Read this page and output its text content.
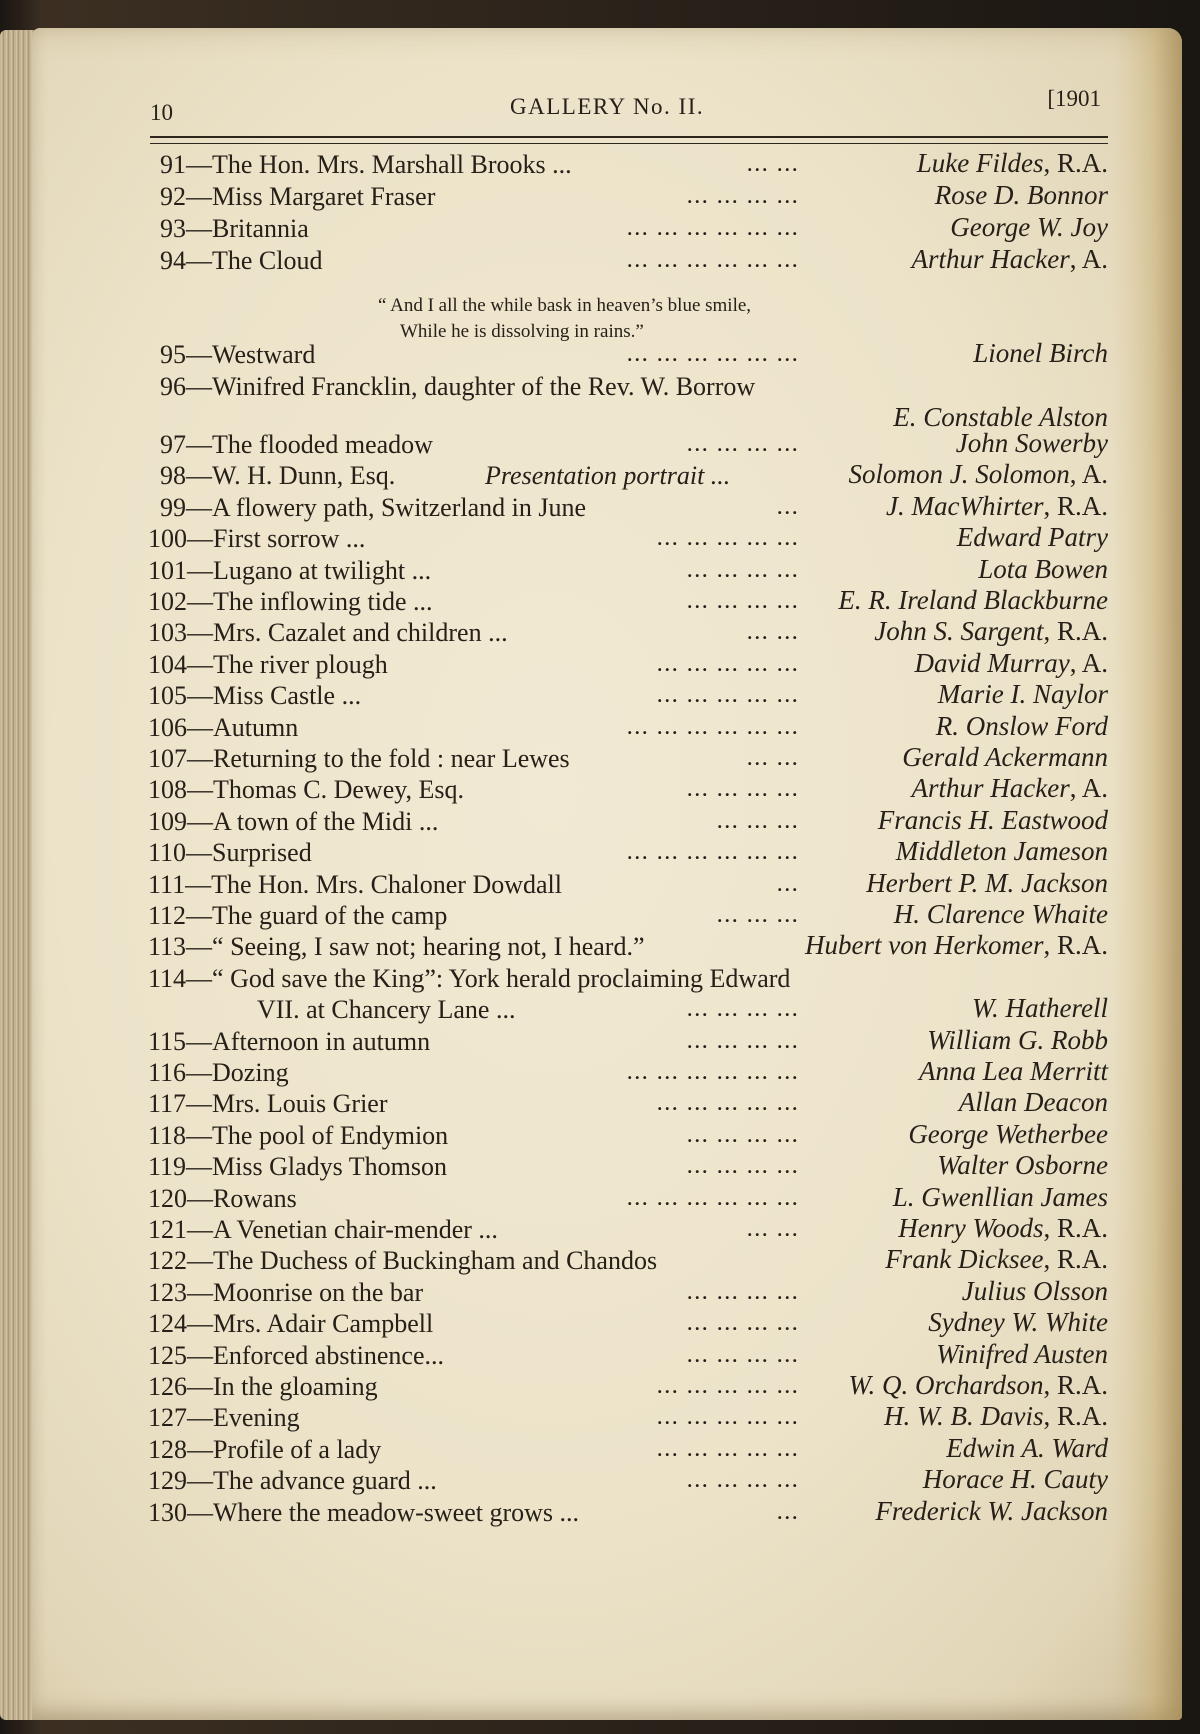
10	GALLERY No. II.	[1901
91—The Hon. Mrs. Marshall Brooks ...	... ...	Luke Fildes, R.A.
92—Miss Margaret Fraser	... ... ... ...	Rose D. Bonnor
93—Britannia	... ... ... ... ... ...	George W. Joy
94—The Cloud	... ... ... ... ... ...	Arthur Hacker, A.
95—Westward	... ... ... ... ... ...	Lionel Birch
96—Winifred Francklin, daughter of the Rev. W. Borrow
E. Constable Alston
97—The flooded meadow	... ... ... ...	John Sowerby
98—W. H. Dunn, Esq.	Presentation portrait ...	Solomon J. Solomon, A.
99—A flowery path, Switzerland in June	...	J. MacWhirter, R.A.
100—First sorrow ...	... ... ... ... ...	Edward Patry
101—Lugano at twilight ...	... ... ... ...	Lota Bowen
102—The inflowing tide ...	... ... ... ... E. R. Ireland Blackburne
103—Mrs. Cazalet and children ...	... ...	John S. Sargent, R.A.
104—The river plough	... ... ... ... ...	David Murray, A.
105—Miss Castle ...	... ... ... ... ...	Marie I. Naylor
106—Autumn	... ... ... ... ... ...	R. Onslow Ford
107—Returning to the fold : near Lewes	... ...	Gerald Ackermann
108—Thomas C. Dewey, Esq.	... ... ... ...	Arthur Hacker, A.
109—A town of the Midi ...	... ... ...	Francis H. Eastwood
110—Surprised	... ... ... ... ... ...	Middleton Jameson
111—The Hon. Mrs. Chaloner Dowdall	... Herbert P. M. Jackson
112—The guard of the camp	... ... ...	H. Clarence Whaite
113—“ Seeing, I saw not; hearing not, I heard.”	Hubert von Herkomer, R.A.
114—“ God save the King”: York herald proclaiming Edward
VII. at Chancery Lane ...	... ... ... ...	W. Hatherell
115—Afternoon in autumn	... ... ... ...	William G. Robb
116—Dozing	... ... ... ... ... ...	Anna Lea Merritt
117—Mrs. Louis Grier	... ... ... ... ...	Allan Deacon
118—The pool of Endymion	... ... ... ...	George Wetherbee
119—Miss Gladys Thomson	... ... ... ...	Walter Osborne
120—Rowans	... ... ... ... ... ...	L. Gwenllian James
121—A Venetian chair-mender ...	... ...	Henry Woods, R.A.
122—The Duchess of Buckingham and Chandos	Frank Dicksee, R.A.
123—Moonrise on the bar	... ... ... ...	Julius Olsson
124—Mrs. Adair Campbell	... ... ... ...	Sydney W. White
125—Enforced abstinence...	... ... ... ...	Winifred Austen
126—In the gloaming	... ... ... ... ... W. Q. Orchardson, R.A.
127—Evening	... ... ... ... ...	H. W. B. Davis, R.A.
128—Profile of a lady	... ... ... ... ...	Edwin A. Ward
129—The advance guard ...	... ... ... ...	Horace H. Cauty
130—Where the meadow-sweet grows ...	...	Frederick W. Jackson
“ And I all the while bask in heaven’s blue smile,
While he is dissolving in rains.”
